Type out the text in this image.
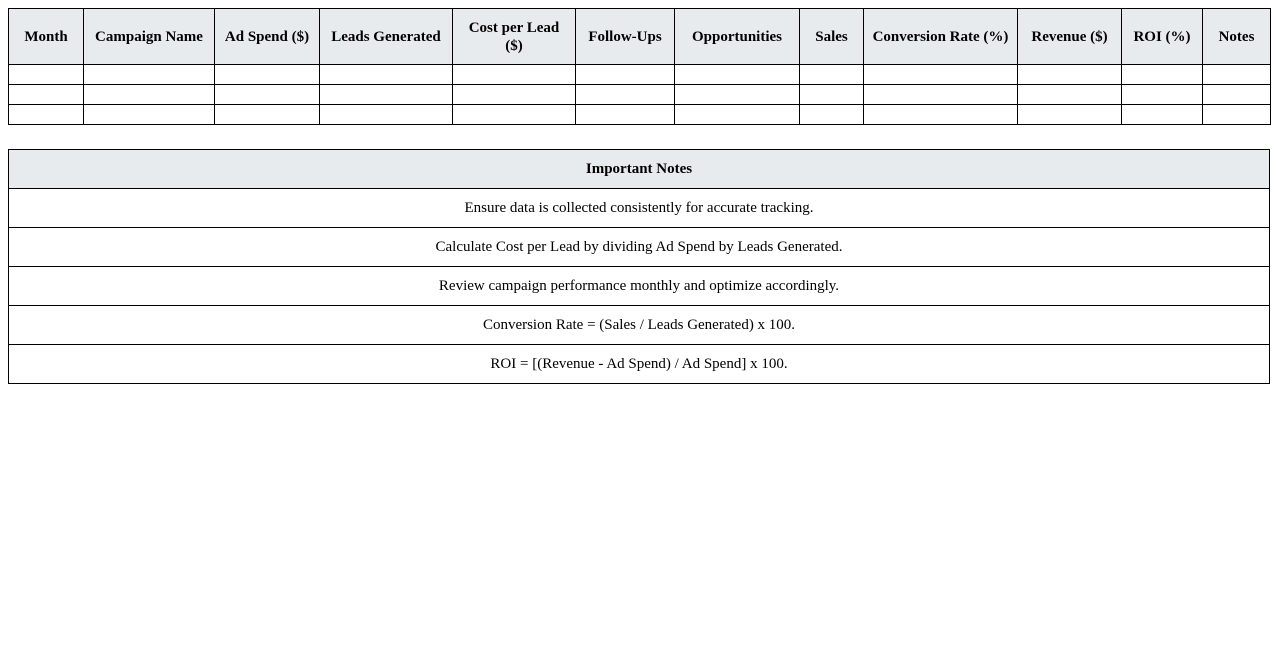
Month	Campaign Name	Ad Spend ($)	Leads Generated	Cost per Lead ($)	Follow-Ups	Opportunities	Sales	Conversion Rate (%)	Revenue ($)	ROI (%)	Notes

Important Notes
Ensure data is collected consistently for accurate tracking.
Calculate Cost per Lead by dividing Ad Spend by Leads Generated.
Review campaign performance monthly and optimize accordingly.
Conversion Rate = (Sales / Leads Generated) x 100.
ROI = [(Revenue - Ad Spend) / Ad Spend] x 100.
